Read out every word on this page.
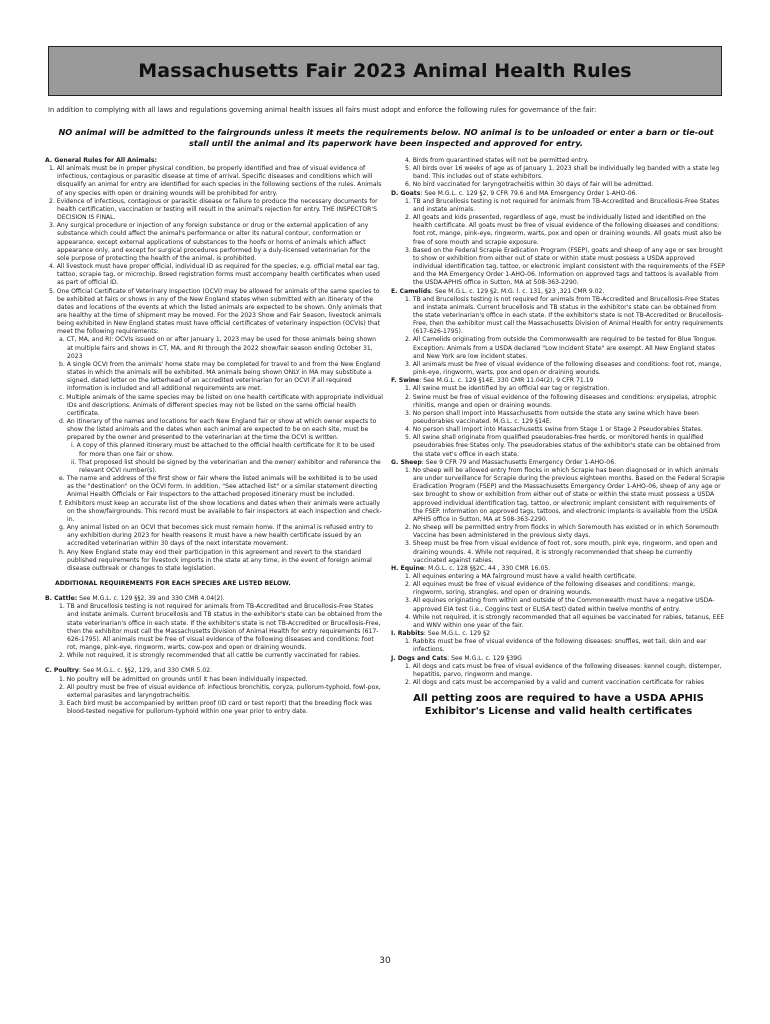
Massachusetts Fair 2023 Animal Health Rules
In addition to complying with all laws and regulations governing animal health issues all fairs must adopt and enforce the following rules for governance of the fair:
NO animal will be admitted to the fairgrounds unless it meets the requirements below. NO animal is to be unloaded or enter a barn or tie-out stall until the animal and its paperwork have been inspected and approved for entry.

A. General Rules for All Animals:

1. All animals must be in proper physical condition, be properly identified and free of visual evidence of infectious, contagious or parasitic disease at time of arrival. Specific diseases and conditions which will disqualify an animal for entry are identified for each species in the following sections of the rules. Animals of any species with open or draining wounds will be prohibited for entry.

2. Evidence of infectious, contagious or parasitic disease or failure to produce the necessary documents for health certification, vaccination or testing will result in the animal's rejection for entry. THE INSPECTOR'S DECISION IS FINAL.

3. Any surgical procedure or injection of any foreign substance or drug or the external application of any substance which could affect the animal's performance or alter its natural contour, conformation or appearance, except external applications of substances to the hoofs or horns of animals which affect appearance only, and except for surgical procedures performed by a duly-licensed veterinarian for the sole purpose of protecting the health of the animal, is prohibited.

4. All livestock must have proper official, individual ID as required for the species, e.g. official metal ear tag, tattoo, scrapie tag, or microchip. Breed registration forms must accompany health certificates when used as part of official ID.

5. One Official Certificate of Veterinary Inspection (OCVI) may be allowed for animals of the same species to be exhibited at fairs or shows in any of the New England states when submitted with an itinerary of the dates and locations of the events at which the listed animals are expected to be shown. Only animals that are healthy at the time of shipment may be moved. For the 2023 Show and Fair Season, livestock animals being exhibited in New England states must have official certificates of veterinary inspection (OCVIs) that meet the following requirements:

a. CT, MA, and RI: OCVIs issued on or after January 1, 2023 may be used for those animals being shown at multiple fairs and shows in CT, MA, and RI through the 2022 show/fair season ending October 31, 2023

b. A single OCVI from the animals' home state may be completed for travel to and from the New England states in which the animals will be exhibited. MA animals being shown ONLY in MA may substitute a signed, dated letter on the letterhead of an accredited veterinarian for an OCVI if all required information is included and all additional requirements are met.

c. Multiple animals of the same species may be listed on one health certificate with appropriate individual IDs and descriptions. Animals of different species may not be listed on the same official health certificate.

d. An itinerary of the names and locations for each New England fair or show at which owner expects to show the listed animals and the dates when each animal are expected to be on each site, must be prepared by the owner and presented to the veterinarian at the time the OCVI is written.

i. A copy of this planned itinerary must be attached to the official health certificate for it to be used for more than one fair or show.

ii. That proposed list should be signed by the veterinarian and the owner/ exhibitor and reference the relevant OCVI number(s).

e. The name and address of the first show or fair where the listed animals will be exhibited is to be used as the "destination" on the OCVI form. In addition, "See attached list" or a similar statement directing Animal Health Officials or Fair Inspectors to the attached proposed itinerary must be included.

f. Exhibitors must keep an accurate list of the show locations and dates when their animals were actually on the show/fairgrounds. This record must be available to fair inspectors at each inspection and check-in.

g. Any animal listed on an OCVI that becomes sick must remain home. If the animal is refused entry to any exhibition during 2023 for health reasons it must have a new health certificate issued by an accredited veterinarian within 30 days of the next interstate movement.

h. Any New England state may end their participation in this agreement and revert to the standard published requirements for livestock imports in the state at any time, in the event of foreign animal disease outbreak or changes to state legislation.

ADDITIONAL REQUIREMENTS FOR EACH SPECIES ARE LISTED BELOW.

B. Cattle: See M.G.L. c. 129 §§2, 39 and 330 CMR 4.04(2).

1. TB and Brucellosis testing is not required for animals from TB-Accredited and Brucellosis-Free States and instate animals. Current brucellosis and TB status in the exhibitor's state can be obtained from the state veterinarian's office in each state. If the exhibitor's state is not TB-Accredited or Brucellosis-Free, then the exhibitor must call the Massachusetts Division of Animal Health for entry requirements (617-626-1795). All animals must be free of visual evidence of the following diseases and conditions: foot rot, mange, pink-eye, ringworm, warts, cow-pox and open or draining wounds.

2. While not required, it is strongly recommended that all cattle be currently vaccinated for rabies.

C. Poultry: See M.G.L. c. §§2, 129, and 330 CMR 5.02.

1. No poultry will be admitted on grounds until it has been individually inspected.

2. All poultry must be free of visual evidence of: infectious bronchitis, coryza, pullorum-typhoid, fowl-pox, external parasites and laryngotracheitis.

3. Each bird must be accompanied by written proof (ID card or test report) that the breeding flock was blood-tested negative for pullorum-typhoid within one year prior to entry date.

4. Birds from quarantined states will not be permitted entry.

5. All birds over 16 weeks of age as of January 1, 2023 shall be individually leg banded with a state leg band. This includes out of state exhibitors.

6. No bird vaccinated for laryngotracheitis within 30 days of fair will be admitted.

D. Goats: See M.G.L. c. 129 §2, 9 CFR 79.6 and MA Emergency Order 1-AHO-06.

1. TB and Brucellosis testing is not required for animals from TB-Accredited and Brucellosis-Free States and instate animals.

2. All goats and kids presented, regardless of age, must be individually listed and identified on the health certificate. All goats must be free of visual evidence of the following diseases and conditions: foot rot, mange, pink-eye, ringworm, warts, pox and open or draining wounds. All goats must also be free of sore mouth and scrapie exposure.

3. Based on the Federal Scrapie Eradication Program (FSEP), goats and sheep of any age or sex brought to show or exhibition from either out of state or within state must possess a USDA approved individual identification tag, tattoo, or electronic implant consistent with the requirements of the FSEP and the MA Emergency Order 1-AHO-06. Information on approved tags and tattoos is available from the USDA-APHIS office in Sutton, MA at 508-363-2290.

E. Camelids: See M.G.L. c. 129 §2, M.G. l. c. 131, §23 ,321 CMR 9.02.

1. TB and Brucellosis testing is not required for animals from TB-Accredited and Brucellosis-Free States and instate animals. Current brucellosis and TB status in the exhibitor's state can be obtained from the state veterinarian's office in each state. If the exhibitor's state is not TB-Accredited or Brucellosis-Free, then the exhibitor must call the Massachusetts Division of Animal Health for entry requirements (617-626-1795).

2. All Camelids originating from outside the Commonwealth are required to be tested for Blue Tongue. Exception: Animals from a USDA declared "Low Incident State" are exempt. All New England states and New York are low incident states.

3. All animals must be free of visual evidence of the following diseases and conditions: foot rot, mange, pink-eye, ringworm, warts, pox and open or draining wounds.

F. Swine: See M.G.L. c. 129 §14E, 330 CMR 11.04(2), 9 CFR 71.19

1. All swine must be identified by an official ear tag or registration.

2. Swine must be free of visual evidence of the following diseases and conditions: erysipelas, atrophic rhinitis, mange and open or draining wounds.

3. No person shall import into Massachusetts from outside the state any swine which have been pseudorabies vaccinated. M.G.L. c. 129 §14E.

4. No person shall import into Massachusetts swine from Stage 1 or Stage 2 Pseudorabies States.

5. All swine shall originate from qualified pseudorabies-free herds, or monitored herds in qualified pseudorabies free States only. The pseudorabies status of the exhibitor's state can be obtained from the state vet's office in each state.

G. Sheep: See 9 CFR 79 and Massachusetts Emergency Order 1-AHO-06.

1. No sheep will be allowed entry from flocks in which Scrapie has been diagnosed or in which animals are under surveillance for Scrapie during the previous eighteen months. Based on the Federal Scrapie Eradication Program (FSEP) and the Massachusetts Emergency Order 1-AHO-06, sheep of any age or sex brought to show or exhibition from either out of state or within the state must possess a USDA approved individual identification tag, tattoo, or electronic implant consistent with requirements of the FSEP. Information on approved tags, tattoos, and electronic implants is available from the USDA APHIS office in Sutton, MA at 508-363-2290.

2. No sheep will be permitted entry from flocks in which Soremouth has existed or in which Soremouth Vaccine has been administered in the previous sixty days.

3. Sheep must be free from visual evidence of foot rot, sore mouth, pink eye, ringworm, and open and draining wounds. 4. While not required, it is strongly recommended that sheep be currently vaccinated against rabies.

H. Equine: M.G.L. c. 128 §§2C, 44 , 330 CMR 16.05.

1. All equines entering a MA fairground must have a valid health certificate.

2. All equines must be free of visual evidence of the following diseases and conditions: mange, ringworm, soring, strangles, and open or draining wounds.

3. All equines originating from within and outside of the Commonwealth must have a negative USDA-approved EIA test (i.e., Coggins test or ELISA test) dated within twelve months of entry.

4. While not required, it is strongly recommended that all equines be vaccinated for rabies, tetanus, EEE and WNV within one year of the fair.

I. Rabbits: See M.G.L. c. 129 §2

1. Rabbits must be free of visual evidence of the following diseases: snuffles, wet tail, skin and ear infections.

J. Dogs and Cats: See M.G.L. c. 129 §39G

1. All dogs and cats must be free of visual evidence of the following diseases: kennel cough, distemper, hepatitis, parvo, ringworm and mange.

2. All dogs and cats must be accompanied by a valid and current vaccination certificate for rabies

All petting zoos are required to have a USDA APHIS Exhibitor's License and valid health certificates

30
